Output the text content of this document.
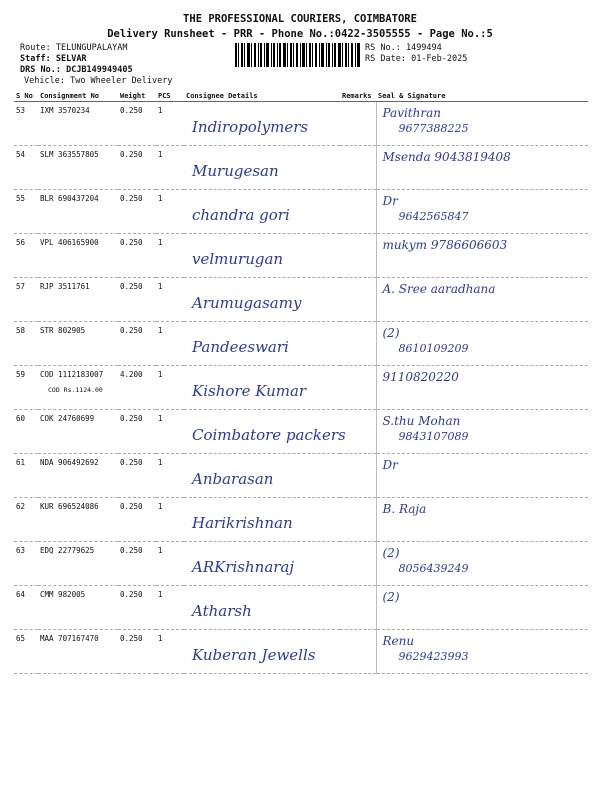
THE PROFESSIONAL COURIERS, COIMBATORE
Delivery Runsheet - PRR - Phone No.:0422-3505555 - Page No.:5
Route: TELUNGUPALAYAM
Staff: SELVAR
DRS No.: DCJB149949405
Vehicle: Two Wheeler Delivery
RS No.: 1499494
RS Date: 01-Feb-2025
S No	Consignment No	Weight	PCS	Consignee Details	Remarks	Seal & Signature
53	IXM 3570234	0.250	1	Indiropolymers		Pavithran
9677388225

54	SLM 363557805	0.250	1	Murugesan		Msenda 9043819408

55	BLR 690437204	0.250	1	chandra gori		Dr
9642565847

56	VPL 406165900	0.250	1	velmurugan		mukym 9786606603

57	RJP 3511761	0.250	1	Arumugasamy		A. Sree aaradhana

58	STR 802905	0.250	1	Pandeeswari		(2)
8610109209

59	COD 1112183007
COD Rs.1124.00	4.200	1	Kishore Kumar		9110820220

60	COK 24760699	0.250	1	Coimbatore packers		S.thu Mohan
9843107089

61	NDA 906492692	0.250	1	Anbarasan		Dr

62	KUR 696524086	0.250	1	Harikrishnan		B. Raja

63	EDQ 22779625	0.250	1	ARKrishnaraj		(2)
8056439249

64	CMM 982005	0.250	1	Atharsh		(2)

65	MAA 707167470	0.250	1	Kuberan Jewells		Renu
9629423993
